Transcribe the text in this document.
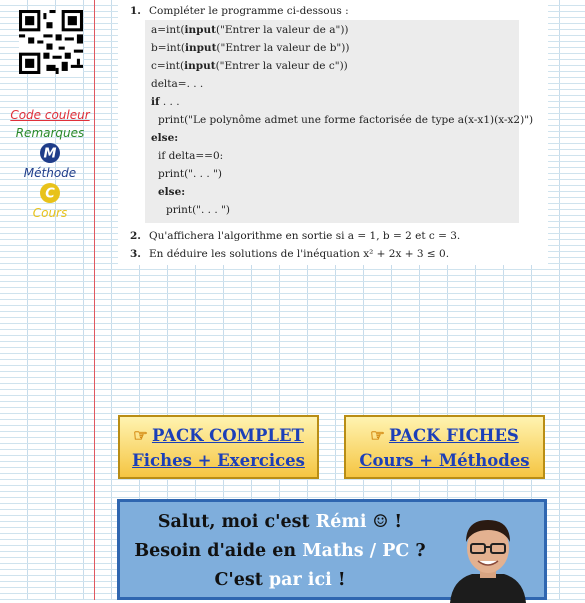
Code couleur
Remarques
M
Méthode
C
Cours
1. Compléter le programme ci-dessous :
a=int(input("Entrer la valeur de a"))
b=int(input("Entrer la valeur de b"))
c=int(input("Entrer la valeur de c"))
delta=. . .
if . . .
print("Le polynôme admet une forme factorisée de type a(x-x1)(x-x2)")
else:
if delta==0:
print(". . . ")
else:
print(". . . ")
2. Qu'affichera l'algorithme en sortie si a = 1, b = 2 et c = 3.
3. En déduire les solutions de l'inéquation x² + 2x + 3 ≤ 0.
☞ PACK COMPLET
Fiches + Exercices
☞ PACK FICHES
Cours + Méthodes
Salut, moi c'est Rémi ☺ !
Besoin d'aide en Maths / PC ?
C'est par ici !
